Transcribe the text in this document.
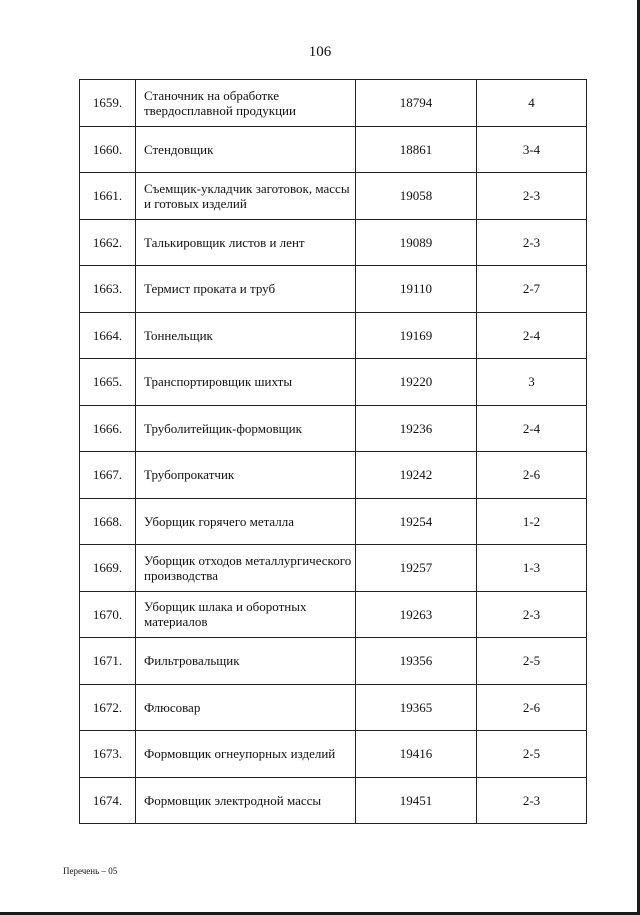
106
1659.	Станочник на обработке твердосплавной продукции	18794	4
1660.	Стендовщик	18861	3-4
1661.	Съемщик-укладчик заготовок, массы и готовых изделий	19058	2-3
1662.	Талькировщик листов и лент	19089	2-3
1663.	Термист проката и труб	19110	2-7
1664.	Тоннельщик	19169	2-4
1665.	Транспортировщик шихты	19220	3
1666.	Труболитейщик-формовщик	19236	2-4
1667.	Трубопрокатчик	19242	2-6
1668.	Уборщик горячего металла	19254	1-2
1669.	Уборщик отходов металлургического производства	19257	1-3
1670.	Уборщик шлака и оборотных материалов	19263	2-3
1671.	Фильтровальщик	19356	2-5
1672.	Флюсовар	19365	2-6
1673.	Формовщик огнеупорных изделий	19416	2-5
1674.	Формовщик электродной массы	19451	2-3
Перечень – 05
